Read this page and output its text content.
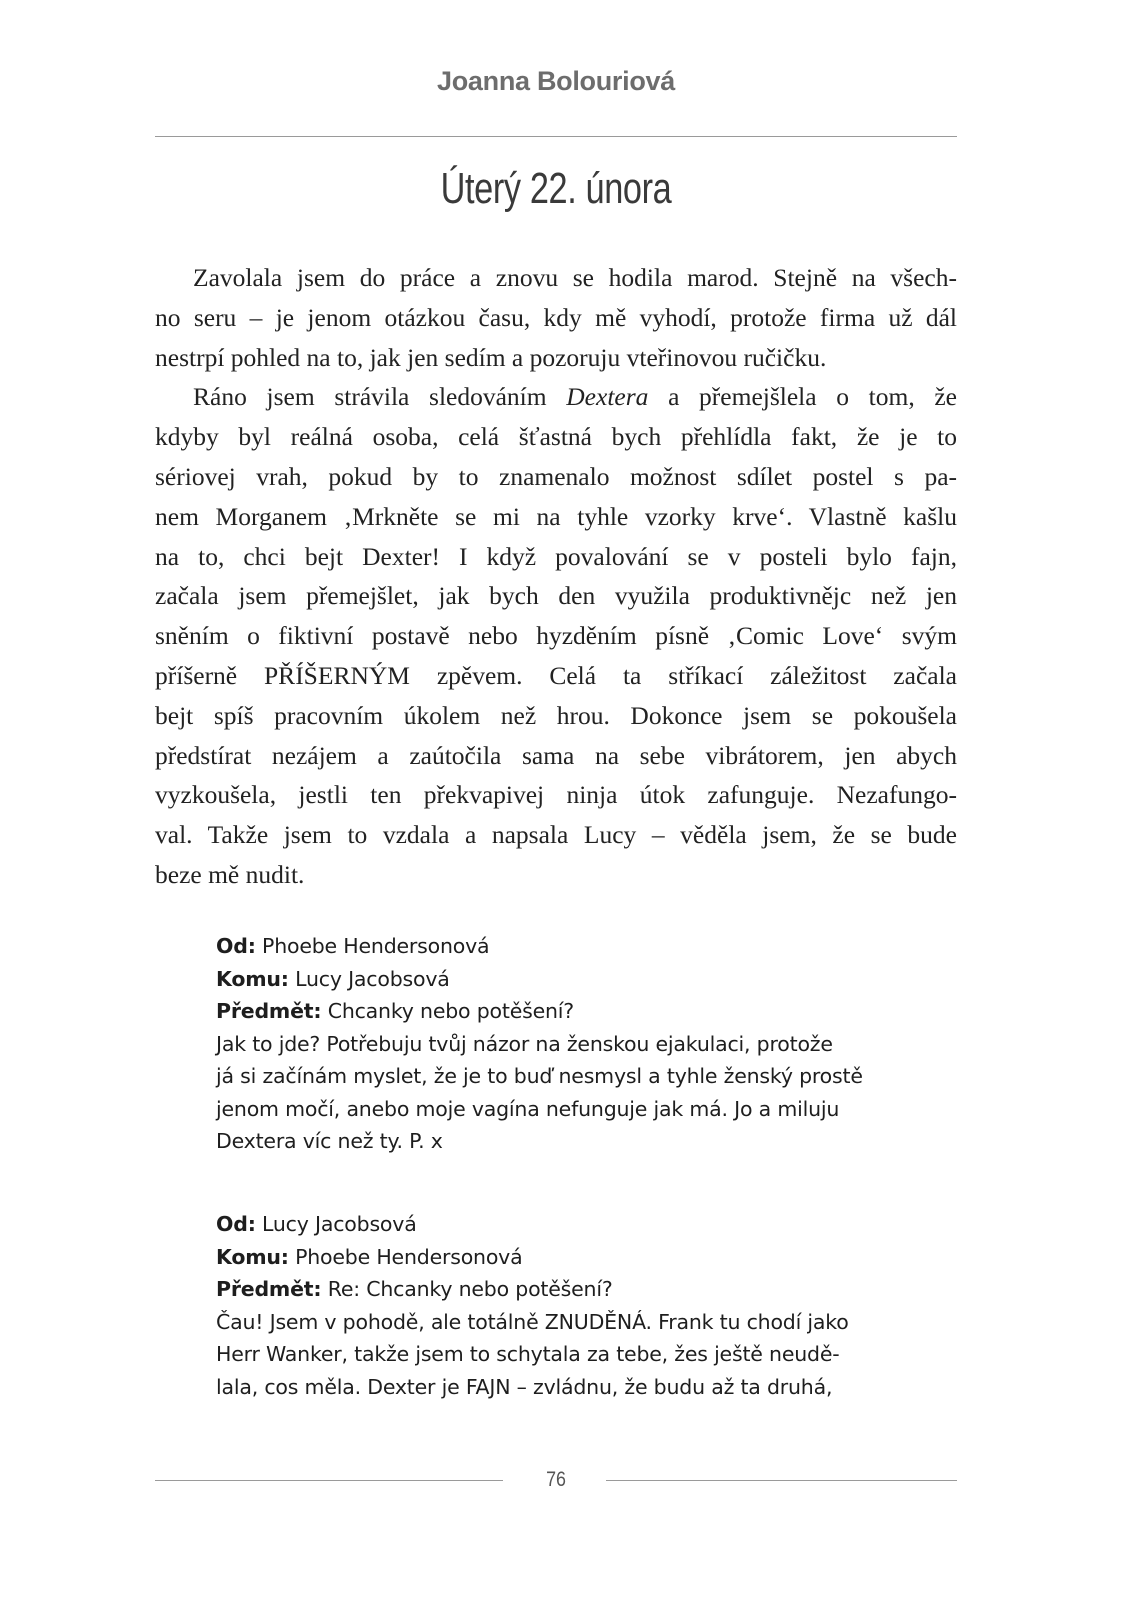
Joanna Bolouriová
Úterý 22. února
Zavolala jsem do práce a znovu se hodila marod. Stejně na všech-
no seru – je jenom otázkou času, kdy mě vyhodí, protože firma už dál
nestrpí pohled na to, jak jen sedím a pozoruju vteřinovou ručičku.
Ráno jsem strávila sledováním Dextera a přemejšlela o tom, že
kdyby byl reálná osoba, celá šťastná bych přehlídla fakt, že je to
sériovej vrah, pokud by to znamenalo možnost sdílet postel s pa-
nem Morganem ‚Mrkněte se mi na tyhle vzorky krve‘. Vlastně kašlu
na to, chci bejt Dexter! I když povalování se v posteli bylo fajn,
začala jsem přemejšlet, jak bych den využila produktivnějc než jen
sněním o fiktivní postavě nebo hyzděním písně ‚Comic Love‘ svým
příšerně PŘÍŠERNÝM zpěvem. Celá ta stříkací záležitost začala
bejt spíš pracovním úkolem než hrou. Dokonce jsem se pokoušela
předstírat nezájem a zaútočila sama na sebe vibrátorem, jen abych
vyzkoušela, jestli ten překvapivej ninja útok zafunguje. Nezafungo-
val. Takže jsem to vzdala a napsala Lucy – věděla jsem, že se bude
beze mě nudit.
Od: Phoebe Hendersonová
Komu: Lucy Jacobsová
Předmět: Chcanky nebo potěšení?
Jak to jde? Potřebuju tvůj názor na ženskou ejakulaci, protože
já si začínám myslet, že je to buď nesmysl a tyhle ženský prostě
jenom močí, anebo moje vagína nefunguje jak má. Jo a miluju
Dextera víc než ty. P. x
Od: Lucy Jacobsová
Komu: Phoebe Hendersonová
Předmět: Re: Chcanky nebo potěšení?
Čau! Jsem v pohodě, ale totálně ZNUDĚNÁ. Frank tu chodí jako
Herr Wanker, takže jsem to schytala za tebe, žes ještě neudě-
lala, cos měla. Dexter je FAJN – zvládnu, že budu až ta druhá,
76
